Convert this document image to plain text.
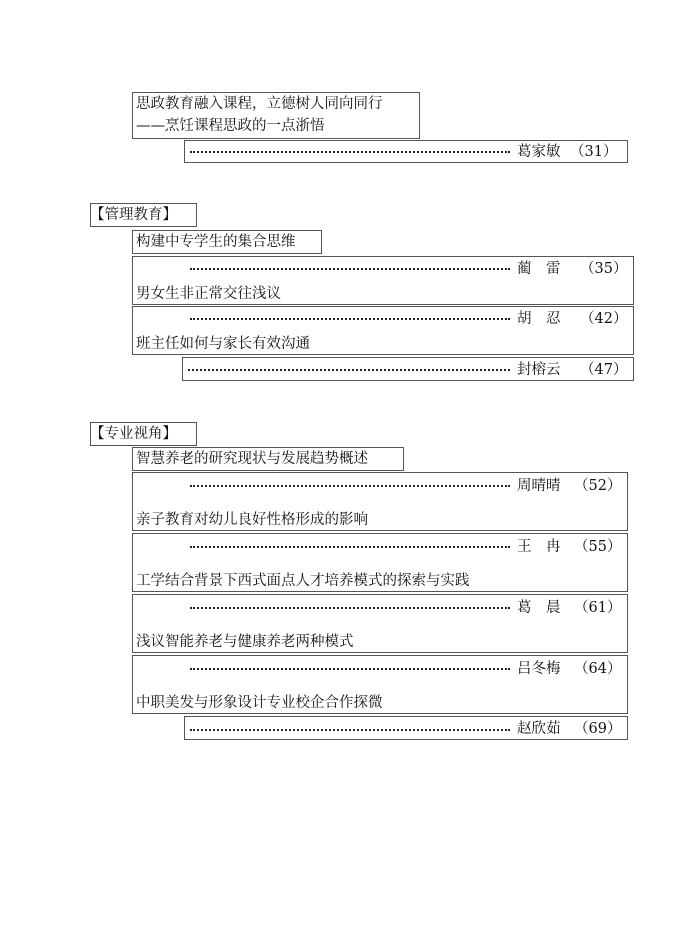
思政教育融入课程，立德树人同向同行
——烹饪课程思政的一点浙悟
葛家敏 （31）
【管理教育】
构建中专学生的集合思维
蔺　雷 （35）
男女生非正常交往浅议
胡　忍 （42）
班主任如何与家长有效沟通
封榕云 （47）
【专业视角】
智慧养老的研究现状与发展趋势概述
周晴晴 （52）
亲子教育对幼儿良好性格形成的影响
王　冉 （55）
工学结合背景下西式面点人才培养模式的探索与实践
葛　晨 （61）
浅议智能养老与健康养老两种模式
吕冬梅 （64）
中职美发与形象设计专业校企合作探微
赵欣茹 （69）
